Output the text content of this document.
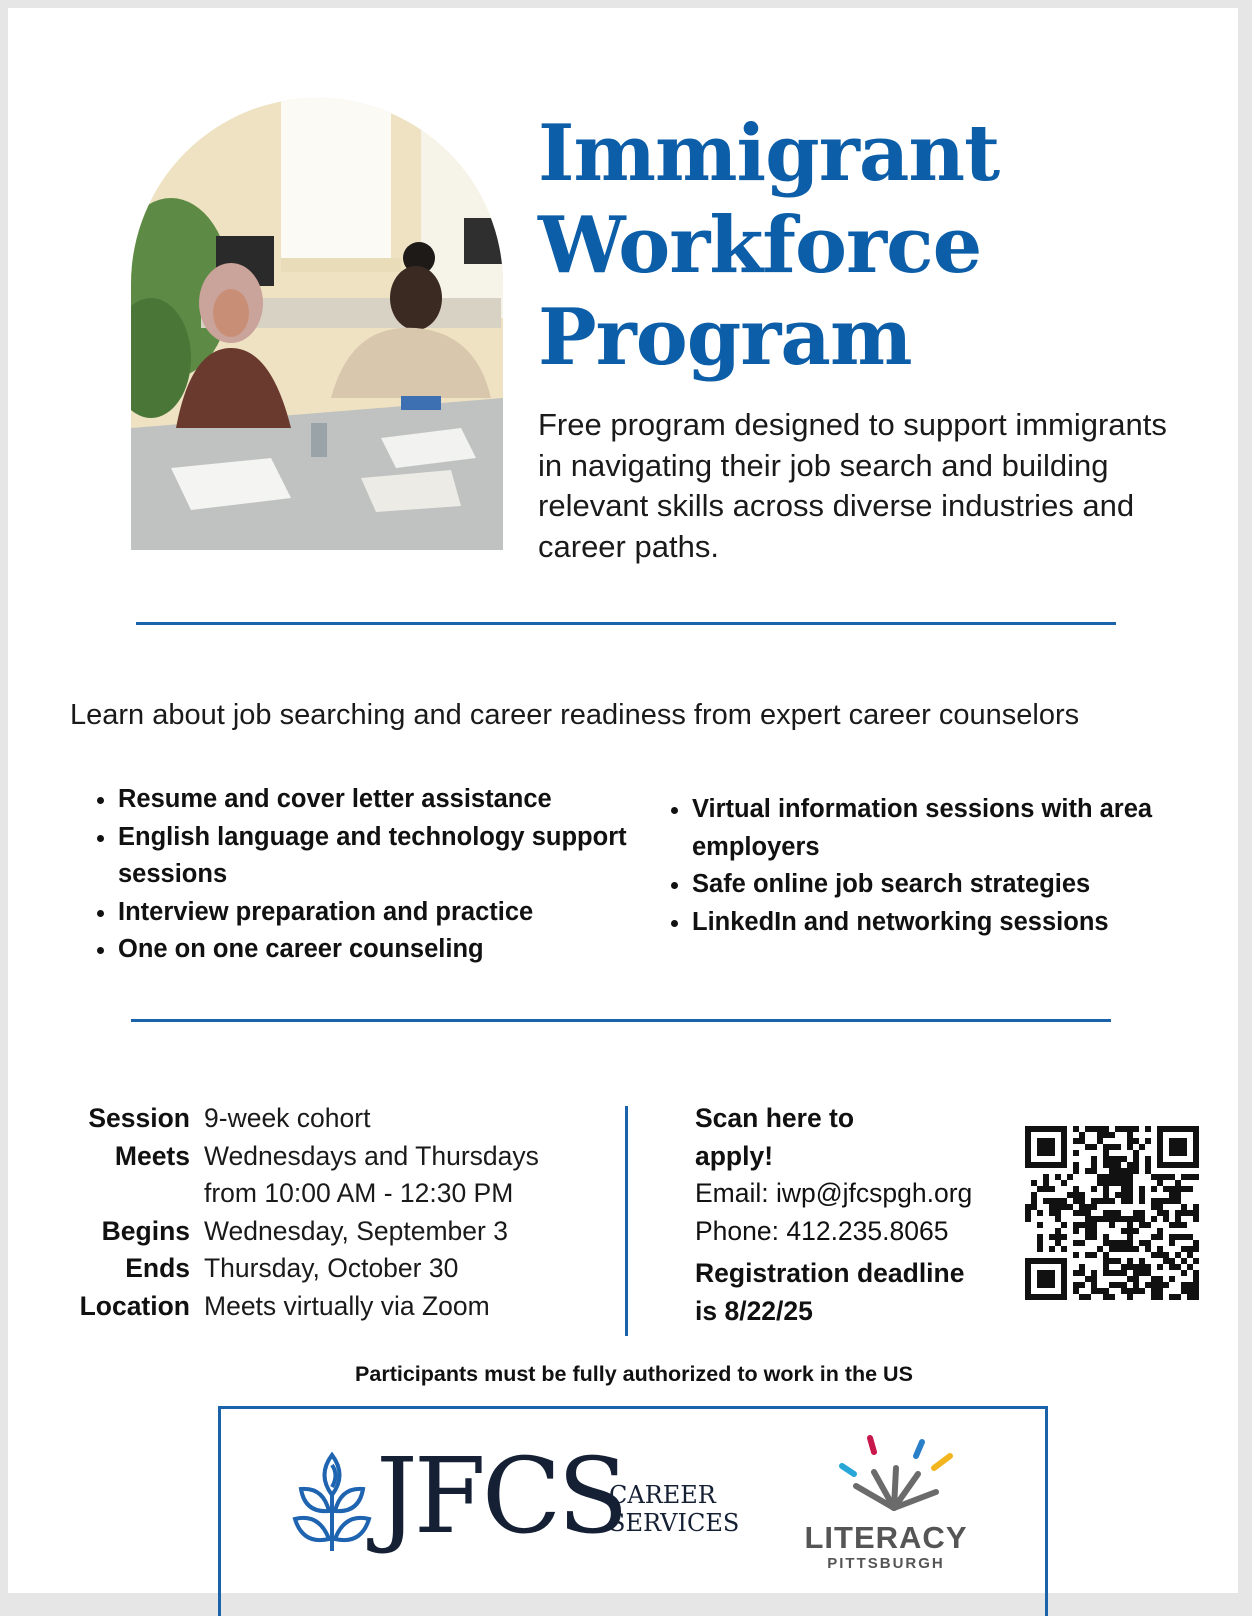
Immigrant
Workforce
Program

Free program designed to support immigrants in navigating their job search and building relevant skills across diverse industries and career paths.

Learn about job searching and career readiness from expert career counselors

• Resume and cover letter assistance
• English language and technology support sessions
• Interview preparation and practice
• One on one career counseling
• Virtual information sessions with area employers
• Safe online job search strategies
• LinkedIn and networking sessions
Session 9-week cohort
Meets Wednesdays and Thursdays
from 10:00 AM - 12:30 PM
Begins Wednesday, September 3
Ends Thursday, October 30
Location Meets virtually via Zoom
Scan here to
apply!
Email: iwp@jfcspgh.org
Phone: 412.235.8065
Registration deadline
is 8/22/25

Participants must be fully authorized to work in the US

JFCS

CAREER
SERVICES	LITERACY

PITTSBURGH
